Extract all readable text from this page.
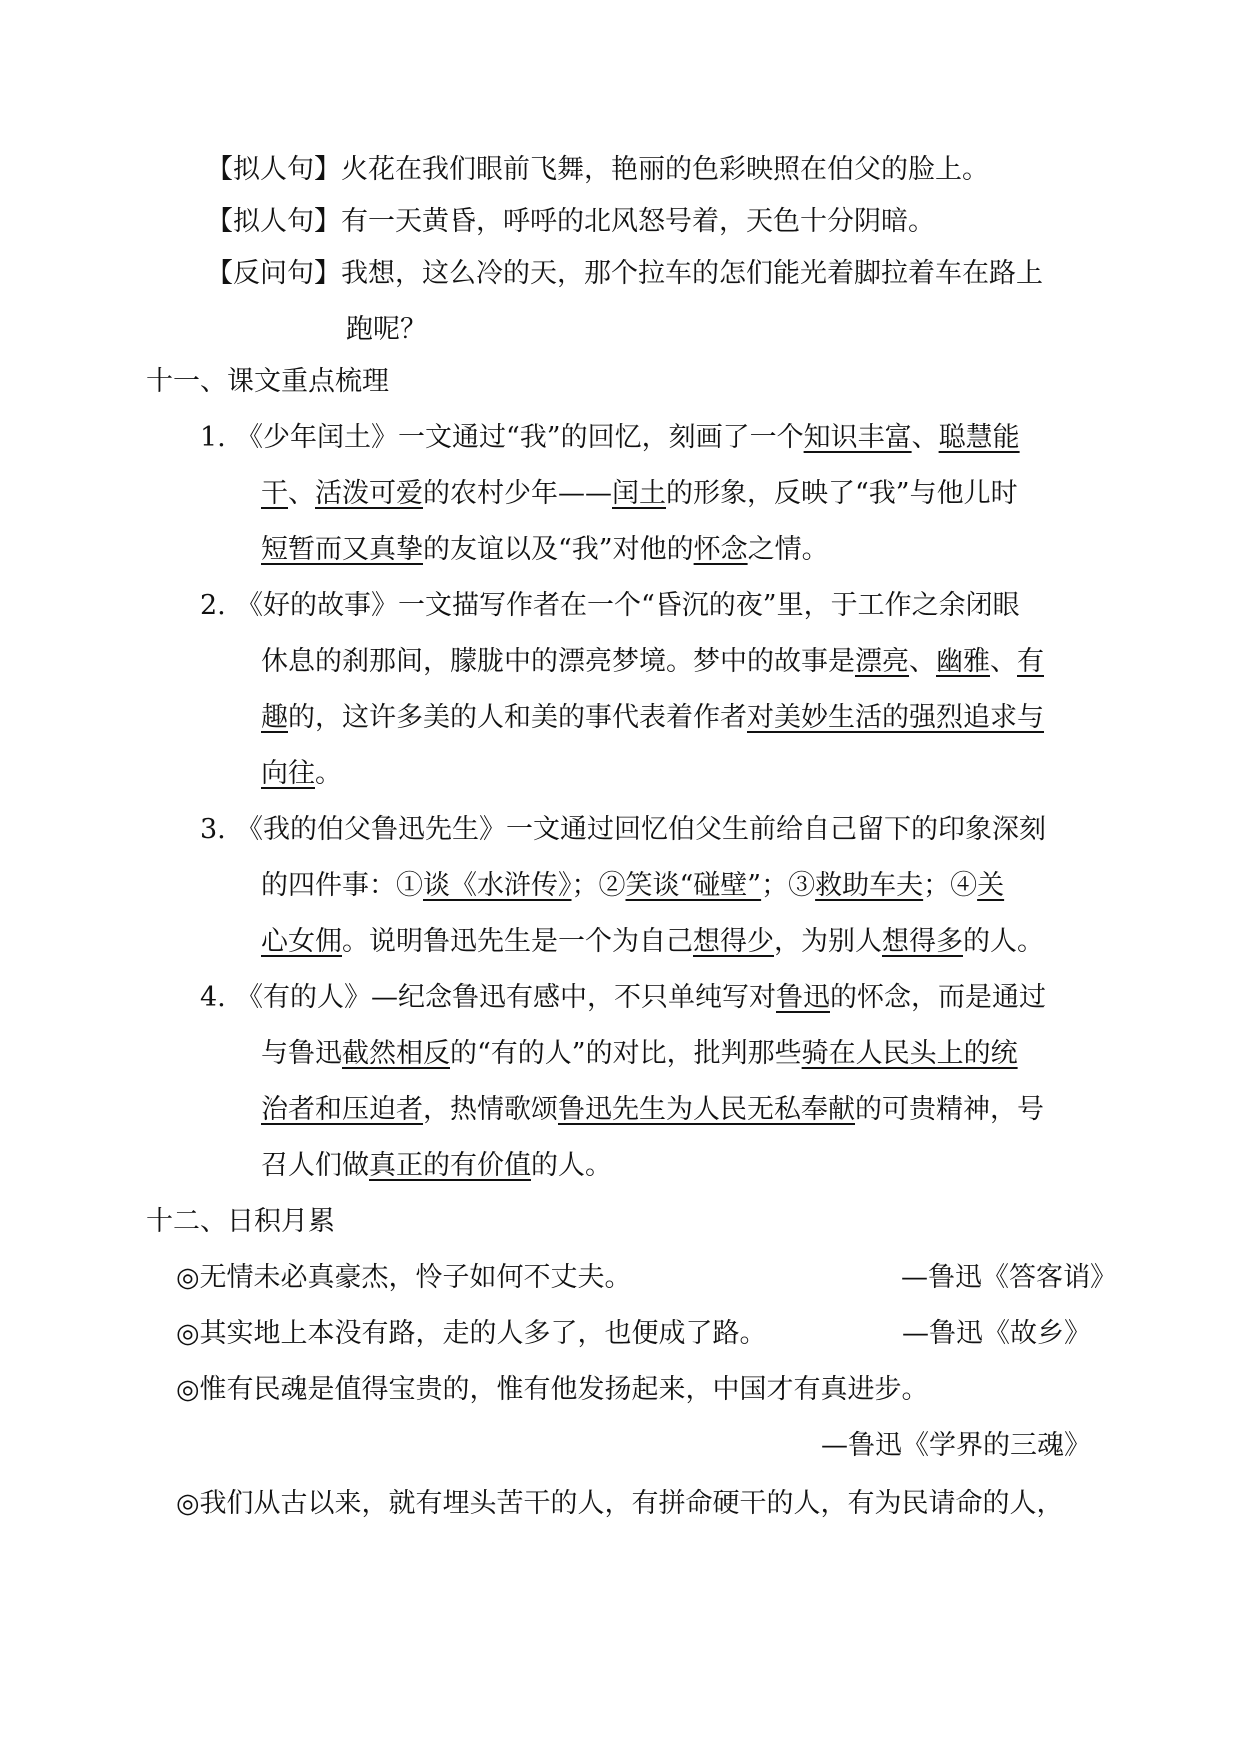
【拟人句】火花在我们眼前飞舞，艳丽的色彩映照在伯父的脸上。
【拟人句】有一天黄昏，呼呼的北风怒号着，天色十分阴暗。
【反问句】我想，这么冷的天，那个拉车的怎们能光着脚拉着车在路上
跑呢？
十一、课文重点梳理
1. 《少年闰土》一文通过“我”的回忆，刻画了一个知识丰富、聪慧能
干、活泼可爱的农村少年——闰土的形象，反映了“我”与他儿时
短暂而又真挚的友谊以及“我”对他的怀念之情。
2. 《好的故事》一文描写作者在一个“昏沉的夜”里，于工作之余闭眼
休息的刹那间，朦胧中的漂亮梦境。梦中的故事是漂亮、幽雅、有
趣的，这许多美的人和美的事代表着作者对美妙生活的强烈追求与
向往。
3. 《我的伯父鲁迅先生》一文通过回忆伯父生前给自己留下的印象深刻
的四件事：①谈《水浒传》；②笑谈“碰壁”；③救助车夫；④关
心女佣。说明鲁迅先生是一个为自己想得少，为别人想得多的人。
4. 《有的人》—纪念鲁迅有感中，不只单纯写对鲁迅的怀念，而是通过
与鲁迅截然相反的“有的人”的对比，批判那些骑在人民头上的统
治者和压迫者，热情歌颂鲁迅先生为人民无私奉献的可贵精神，号
召人们做真正的有价值的人。
十二、日积月累
◎无情未必真豪杰，怜子如何不丈夫。	—鲁迅《答客诮》
◎其实地上本没有路，走的人多了，也便成了路。	—鲁迅《故乡》
◎惟有民魂是值得宝贵的，惟有他发扬起来，中国才有真进步。
—鲁迅《学界的三魂》
◎我们从古以来，就有埋头苦干的人，有拼命硬干的人，有为民请命的人，
